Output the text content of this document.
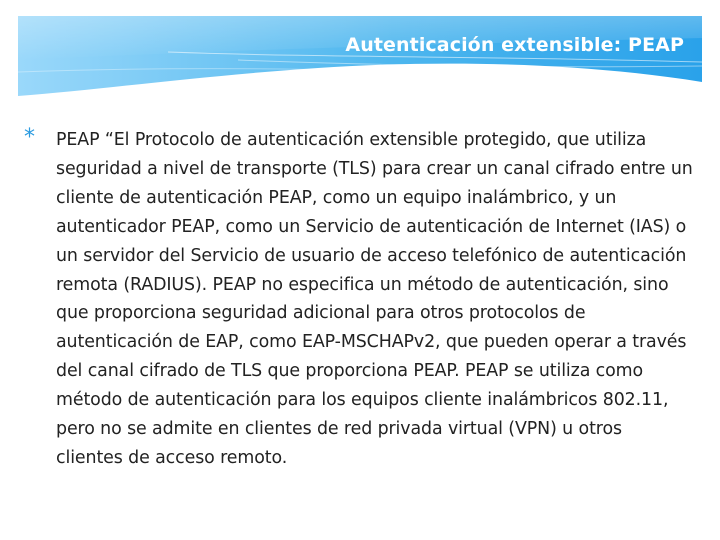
Autenticación extensible: PEAP
* PEAP “El Protocolo de autenticación extensible protegido, que utiliza seguridad a nivel de transporte (TLS) para crear un canal cifrado entre un cliente de autenticación PEAP, como un equipo inalámbrico, y un autenticador PEAP, como un Servicio de autenticación de Internet (IAS) o un servidor del Servicio de usuario de acceso telefónico de autenticación remota (RADIUS). PEAP no especifica un método de autenticación, sino que proporciona seguridad adicional para otros protocolos de autenticación de EAP, como EAP-MSCHAPv2, que pueden operar a través del canal cifrado de TLS que proporciona PEAP. PEAP se utiliza como método de autenticación para los equipos cliente inalámbricos 802.11, pero no se admite en clientes de red privada virtual (VPN) u otros clientes de acceso remoto.
